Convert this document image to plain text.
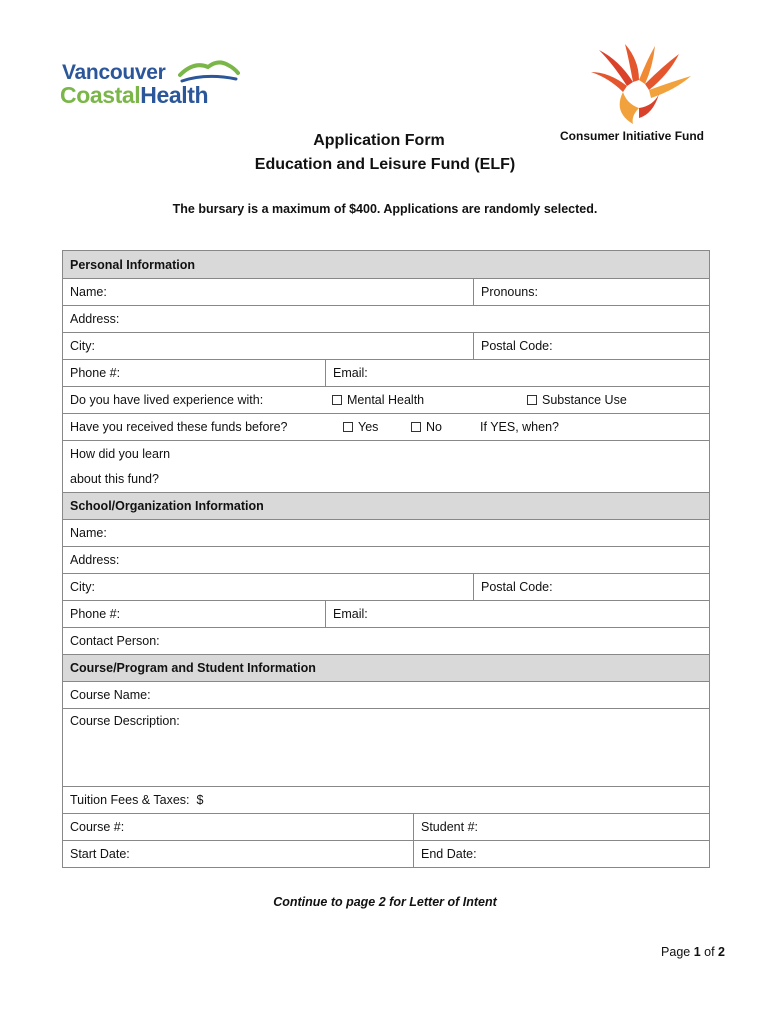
Vancouver
CoastalHealth
Consumer Initiative Fund
Application Form
Education and Leisure Fund (ELF)
The bursary is a maximum of $400. Applications are randomly selected.
Personal Information
Name:	Pronouns:
Address:
City:	Postal Code:
Phone #:	Email:
Do you have lived experience with:	Mental Health	Substance Use
Have you received these funds before?	Yes	No	If YES, when?
How did you learn
about this fund?
School/Organization Information
Name:
Address:
City:	Postal Code:
Phone #:	Email:
Contact Person:
Course/Program and Student Information
Course Name:
Course Description:
Tuition Fees & Taxes:  $
Course #:	Student #:
Start Date:	End Date:
Continue to page 2 for Letter of Intent
Page 1 of 2
